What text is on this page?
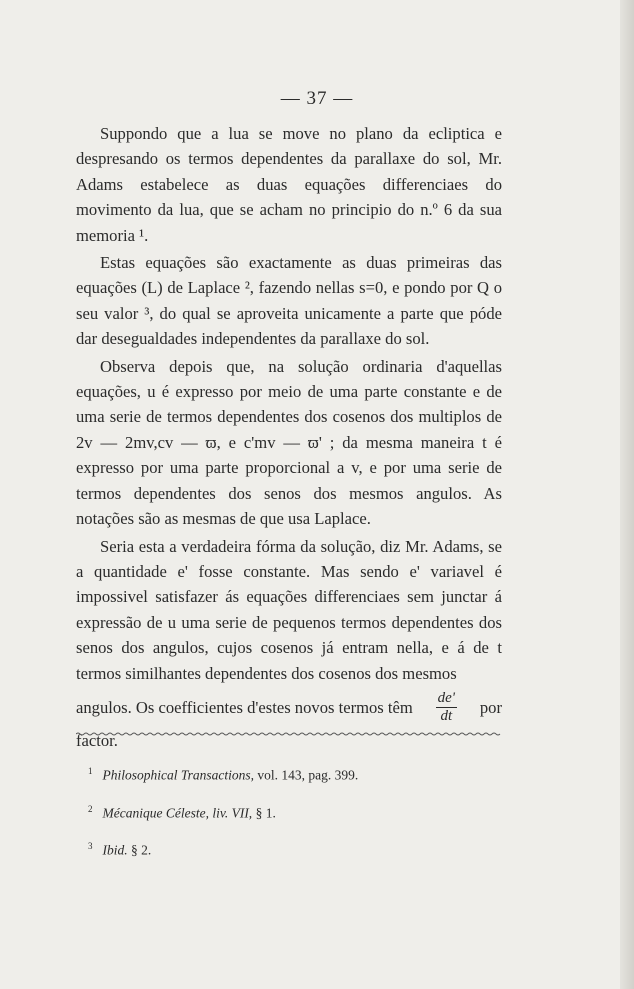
— 37 —

Suppondo que a lua se move no plano da ecliptica e despresando os termos dependentes da parallaxe do sol, Mr. Adams estabelece as duas equações differenciaes do movimento da lua, que se acham no principio do n.º 6 da sua memoria ¹.

Estas equações são exactamente as duas primeiras das equações (L) de Laplace ², fazendo nellas s=0, e pondo por Q o seu valor ³, do qual se aproveita unicamente a parte que póde dar desegualdades independentes da parallaxe do sol.

Observa depois que, na solução ordinaria d'aquellas equações, u é expresso por meio de uma parte constante e de uma serie de termos dependentes dos cosenos dos multiplos de 2v — 2mv,cv — ϖ, e c'mv — ϖ' ; da mesma maneira t é expresso por uma parte proporcional a v, e por uma serie de termos dependentes dos senos dos mesmos angulos. As notações são as mesmas de que usa Laplace.

Seria esta a verdadeira fórma da solução, diz Mr. Adams, se a quantidade e' fosse constante. Mas sendo e' variavel é impossivel satisfazer ás equações differenciaes sem junctar á expressão de u uma serie de pequenos termos dependentes dos senos dos angulos, cujos cosenos já entram nella, e á de t termos similhantes dependentes dos cosenos dos mesmos

angulos. Os coefficientes d'estes novos termos têm $\frac{de'}{dt}$ por

factor.

$^1$ Philosophical Transactions, vol. 143, pag. 399.

$^2$ Mécanique Céleste, liv. VII, § 1.

$^3$ Ibid. § 2.
